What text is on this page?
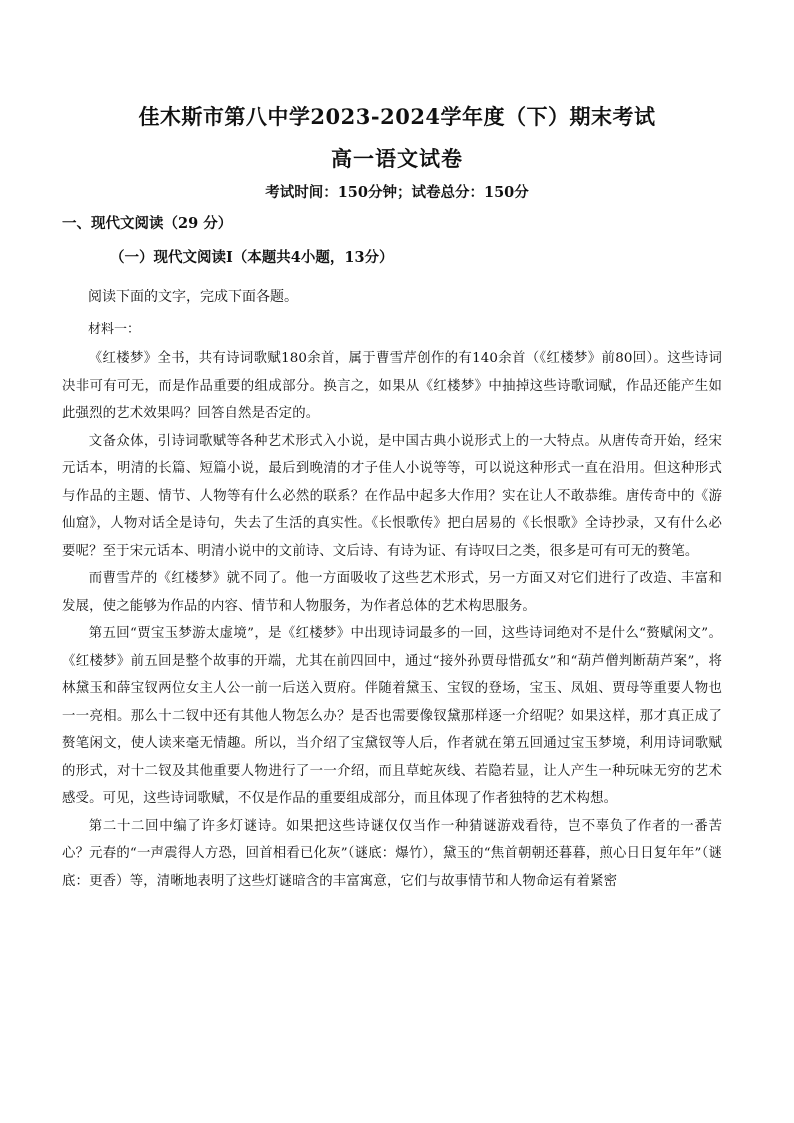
佳木斯市第八中学2023-2024学年度（下）期末考试
高一语文试卷
考试时间：150分钟；试卷总分：150分
一、现代文阅读（29 分）
（一）现代文阅读Ⅰ（本题共4小题，13分）
阅读下面的文字，完成下面各题。
材料一：

《红楼梦》全书，共有诗词歌赋180余首，属于曹雪芹创作的有140余首（《红楼梦》前80回）。这些诗词决非可有可无，而是作品重要的组成部分。换言之，如果从《红楼梦》中抽掉这些诗歌词赋，作品还能产生如此强烈的艺术效果吗？回答自然是否定的。

文备众体，引诗词歌赋等各种艺术形式入小说，是中国古典小说形式上的一大特点。从唐传奇开始，经宋元话本，明清的长篇、短篇小说，最后到晚清的才子佳人小说等等，可以说这种形式一直在沿用。但这种形式与作品的主题、情节、人物等有什么必然的联系？在作品中起多大作用？实在让人不敢恭维。唐传奇中的《游仙窟》，人物对话全是诗句，失去了生活的真实性。《长恨歌传》把白居易的《长恨歌》全诗抄录，又有什么必要呢？至于宋元话本、明清小说中的文前诗、文后诗、有诗为证、有诗叹曰之类，很多是可有可无的赘笔。

而曹雪芹的《红楼梦》就不同了。他一方面吸收了这些艺术形式，另一方面又对它们进行了改造、丰富和发展，使之能够为作品的内容、情节和人物服务，为作者总体的艺术构思服务。

第五回“贾宝玉梦游太虚境”，是《红楼梦》中出现诗词最多的一回，这些诗词绝对不是什么“赘赋闲文”。《红楼梦》前五回是整个故事的开端，尤其在前四回中，通过“接外孙贾母惜孤女”和“葫芦僧判断葫芦案”，将林黛玉和薛宝钗两位女主人公一前一后送入贾府。伴随着黛玉、宝钗的登场，宝玉、凤姐、贾母等重要人物也一一亮相。那么十二钗中还有其他人物怎么办？是否也需要像钗黛那样逐一介绍呢？如果这样，那才真正成了赘笔闲文，使人读来毫无情趣。所以，当介绍了宝黛钗等人后，作者就在第五回通过宝玉梦境，利用诗词歌赋的形式，对十二钗及其他重要人物进行了一一介绍，而且草蛇灰线、若隐若显，让人产生一种玩味无穷的艺术感受。可见，这些诗词歌赋，不仅是作品的重要组成部分，而且体现了作者独特的艺术构想。

第二十二回中编了许多灯谜诗。如果把这些诗谜仅仅当作一种猜谜游戏看待，岂不辜负了作者的一番苦心？元春的“一声震得人方恐，回首相看已化灰”（谜底：爆竹），黛玉的“焦首朝朝还暮暮，煎心日日复年年”（谜底：更香）等，清晰地表明了这些灯谜暗含的丰富寓意，它们与故事情节和人物命运有着紧密
